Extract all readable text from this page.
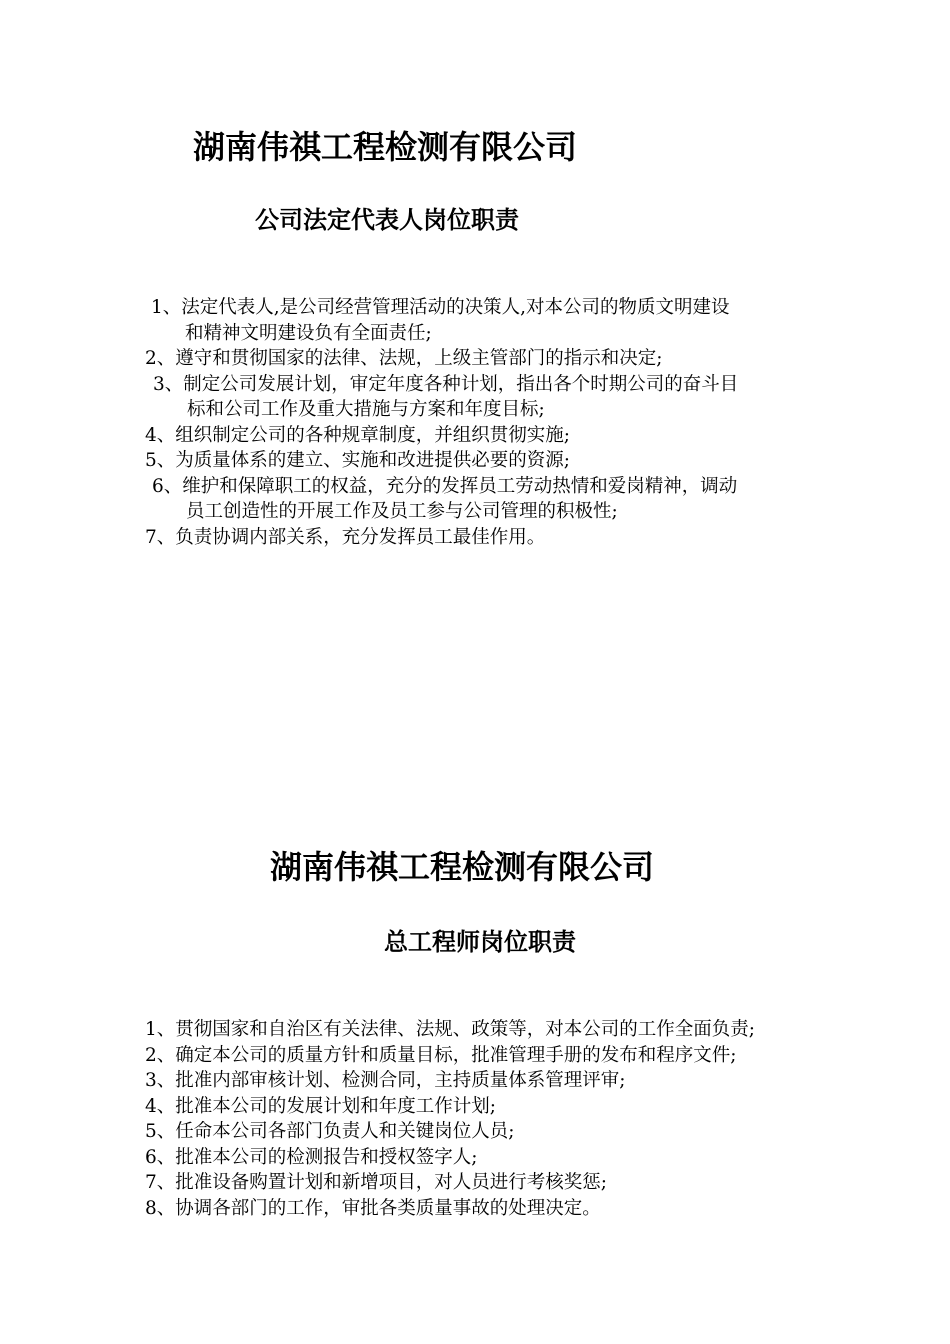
湖南伟祺工程检测有限公司
公司法定代表人岗位职责
1、法定代表人,是公司经营管理活动的决策人,对本公司的物质文明建设
和精神文明建设负有全面责任;
2、遵守和贯彻国家的法律、法规，上级主管部门的指示和决定;
3、制定公司发展计划，审定年度各种计划，指出各个时期公司的奋斗目
标和公司工作及重大措施与方案和年度目标;
4、组织制定公司的各种规章制度，并组织贯彻实施;
5、为质量体系的建立、实施和改进提供必要的资源;
6、维护和保障职工的权益，充分的发挥员工劳动热情和爱岗精神，调动
员工创造性的开展工作及员工参与公司管理的积极性;
7、负责协调内部关系，充分发挥员工最佳作用。
湖南伟祺工程检测有限公司
总工程师岗位职责
1、贯彻国家和自治区有关法律、法规、政策等，对本公司的工作全面负责;
2、确定本公司的质量方针和质量目标，批准管理手册的发布和程序文件;
3、批准内部审核计划、检测合同，主持质量体系管理评审;
4、批准本公司的发展计划和年度工作计划;
5、任命本公司各部门负责人和关键岗位人员;
6、批准本公司的检测报告和授权签字人;
7、批准设备购置计划和新增项目，对人员进行考核奖惩;
8、协调各部门的工作，审批各类质量事故的处理决定。
